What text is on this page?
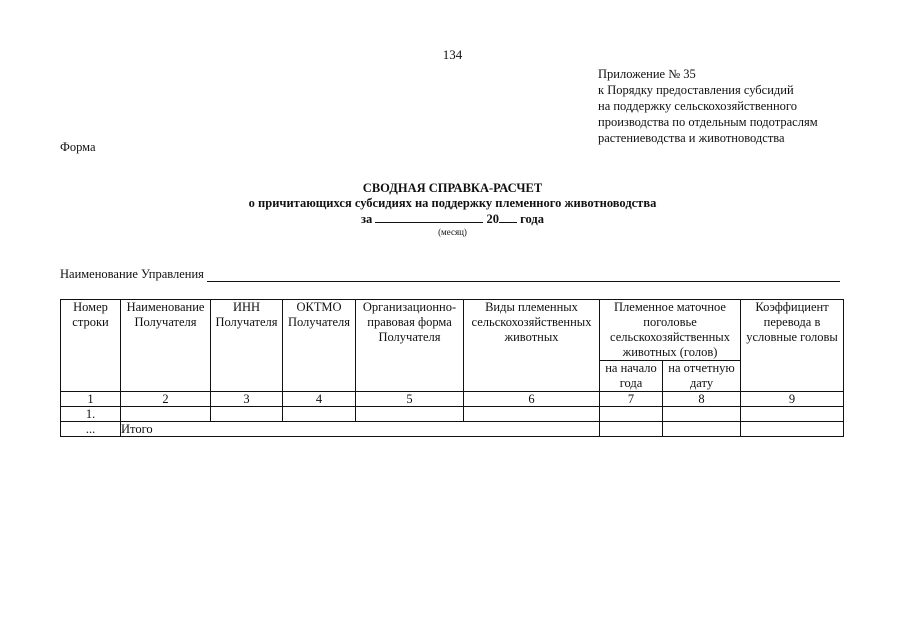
134
Приложение № 35
к Порядку предоставления субсидий
на поддержку сельскохозяйственного
производства по отдельным подотраслям
растениеводства и животноводства
Форма
СВОДНАЯ СПРАВКА-РАСЧЕТ
о причитающихся субсидиях на поддержку племенного животноводства
за	20 года
(месяц)
Наименование Управления
Номер строки	Наименование Получателя	ИНН Получателя	ОКТМО Получателя	Организационно-правовая форма Получателя	Виды племенных сельскохозяйственных животных	Племенное маточное поголовье сельскохозяйственных животных (голов)		Коэффициент перевода в условные головы
						на начало года	на отчетную дату	
1	2	3	4	5	6	7	8	9
1.								
...	Итого							
